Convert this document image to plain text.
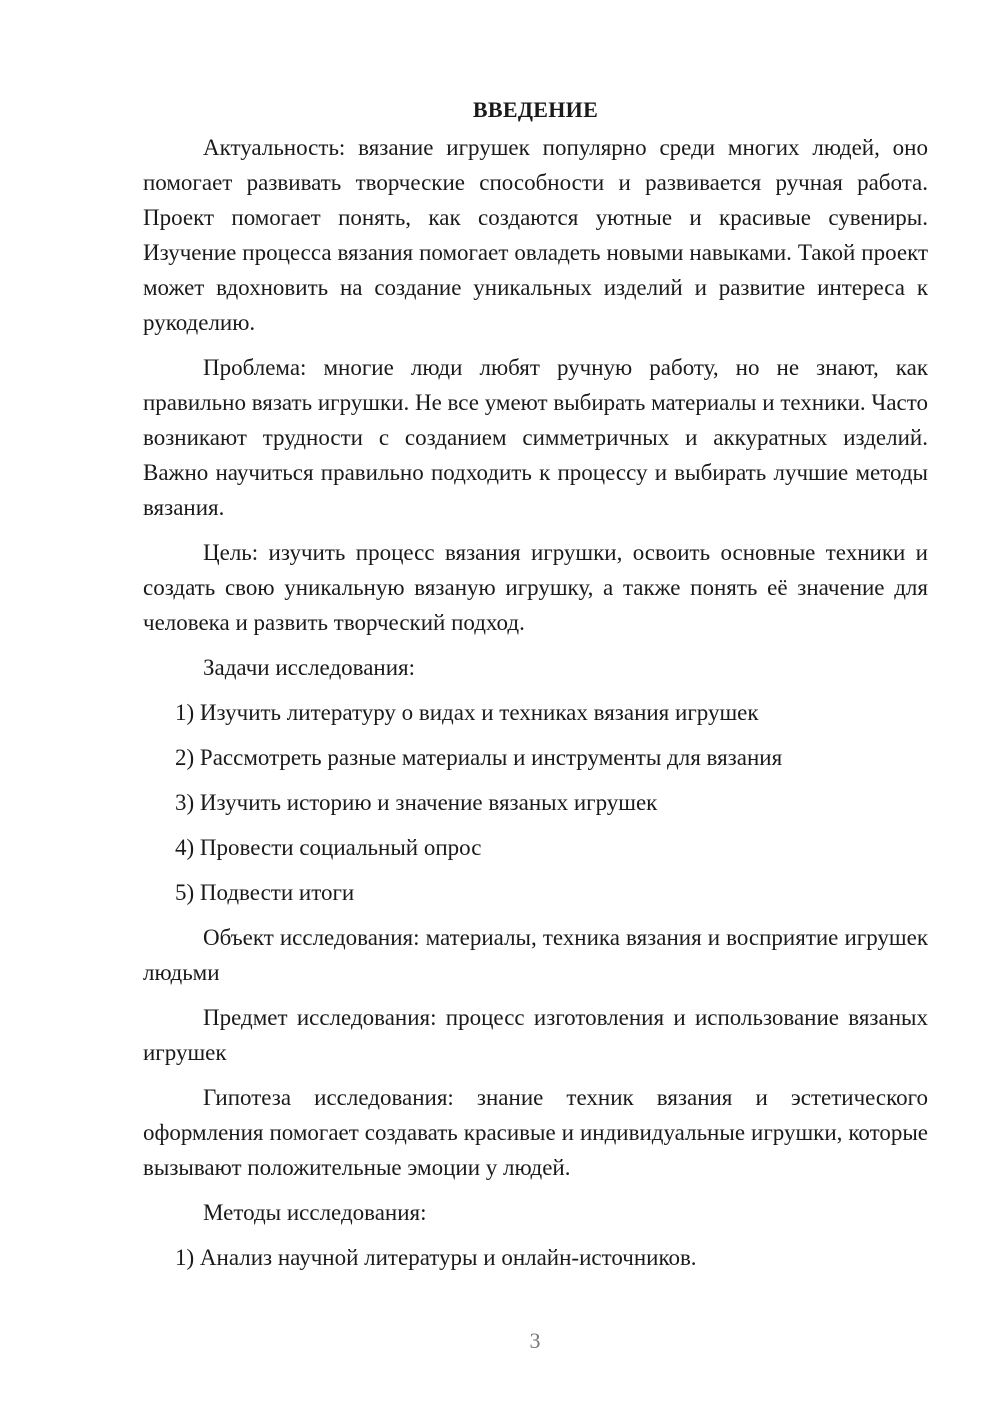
ВВЕДЕНИЕ

Актуальность: вязание игрушек популярно среди многих людей, оно помогает развивать творческие способности и развивается ручная работа. Проект помогает понять, как создаются уютные и красивые сувениры. Изучение процесса вязания помогает овладеть новыми навыками. Такой проект может вдохновить на создание уникальных изделий и развитие интереса к рукоделию.

Проблема: многие люди любят ручную работу, но не знают, как правильно вязать игрушки. Не все умеют выбирать материалы и техники. Часто возникают трудности с созданием симметричных и аккуратных изделий. Важно научиться правильно подходить к процессу и выбирать лучшие методы вязания.

Цель: изучить процесс вязания игрушки, освоить основные техники и создать свою уникальную вязаную игрушку, а также понять её значение для человека и развить творческий подход.

Задачи исследования:

1) Изучить литературу о видах и техниках вязания игрушек

2) Рассмотреть разные материалы и инструменты для вязания

3) Изучить историю и значение вязаных игрушек

4) Провести социальный опрос

5) Подвести итоги

Объект исследования: материалы, техника вязания и восприятие игрушек людьми

Предмет исследования: процесс изготовления и использование вязаных игрушек

Гипотеза исследования: знание техник вязания и эстетического оформления помогает создавать красивые и индивидуальные игрушки, которые вызывают положительные эмоции у людей.

Методы исследования:

1) Анализ научной литературы и онлайн-источников.

3
